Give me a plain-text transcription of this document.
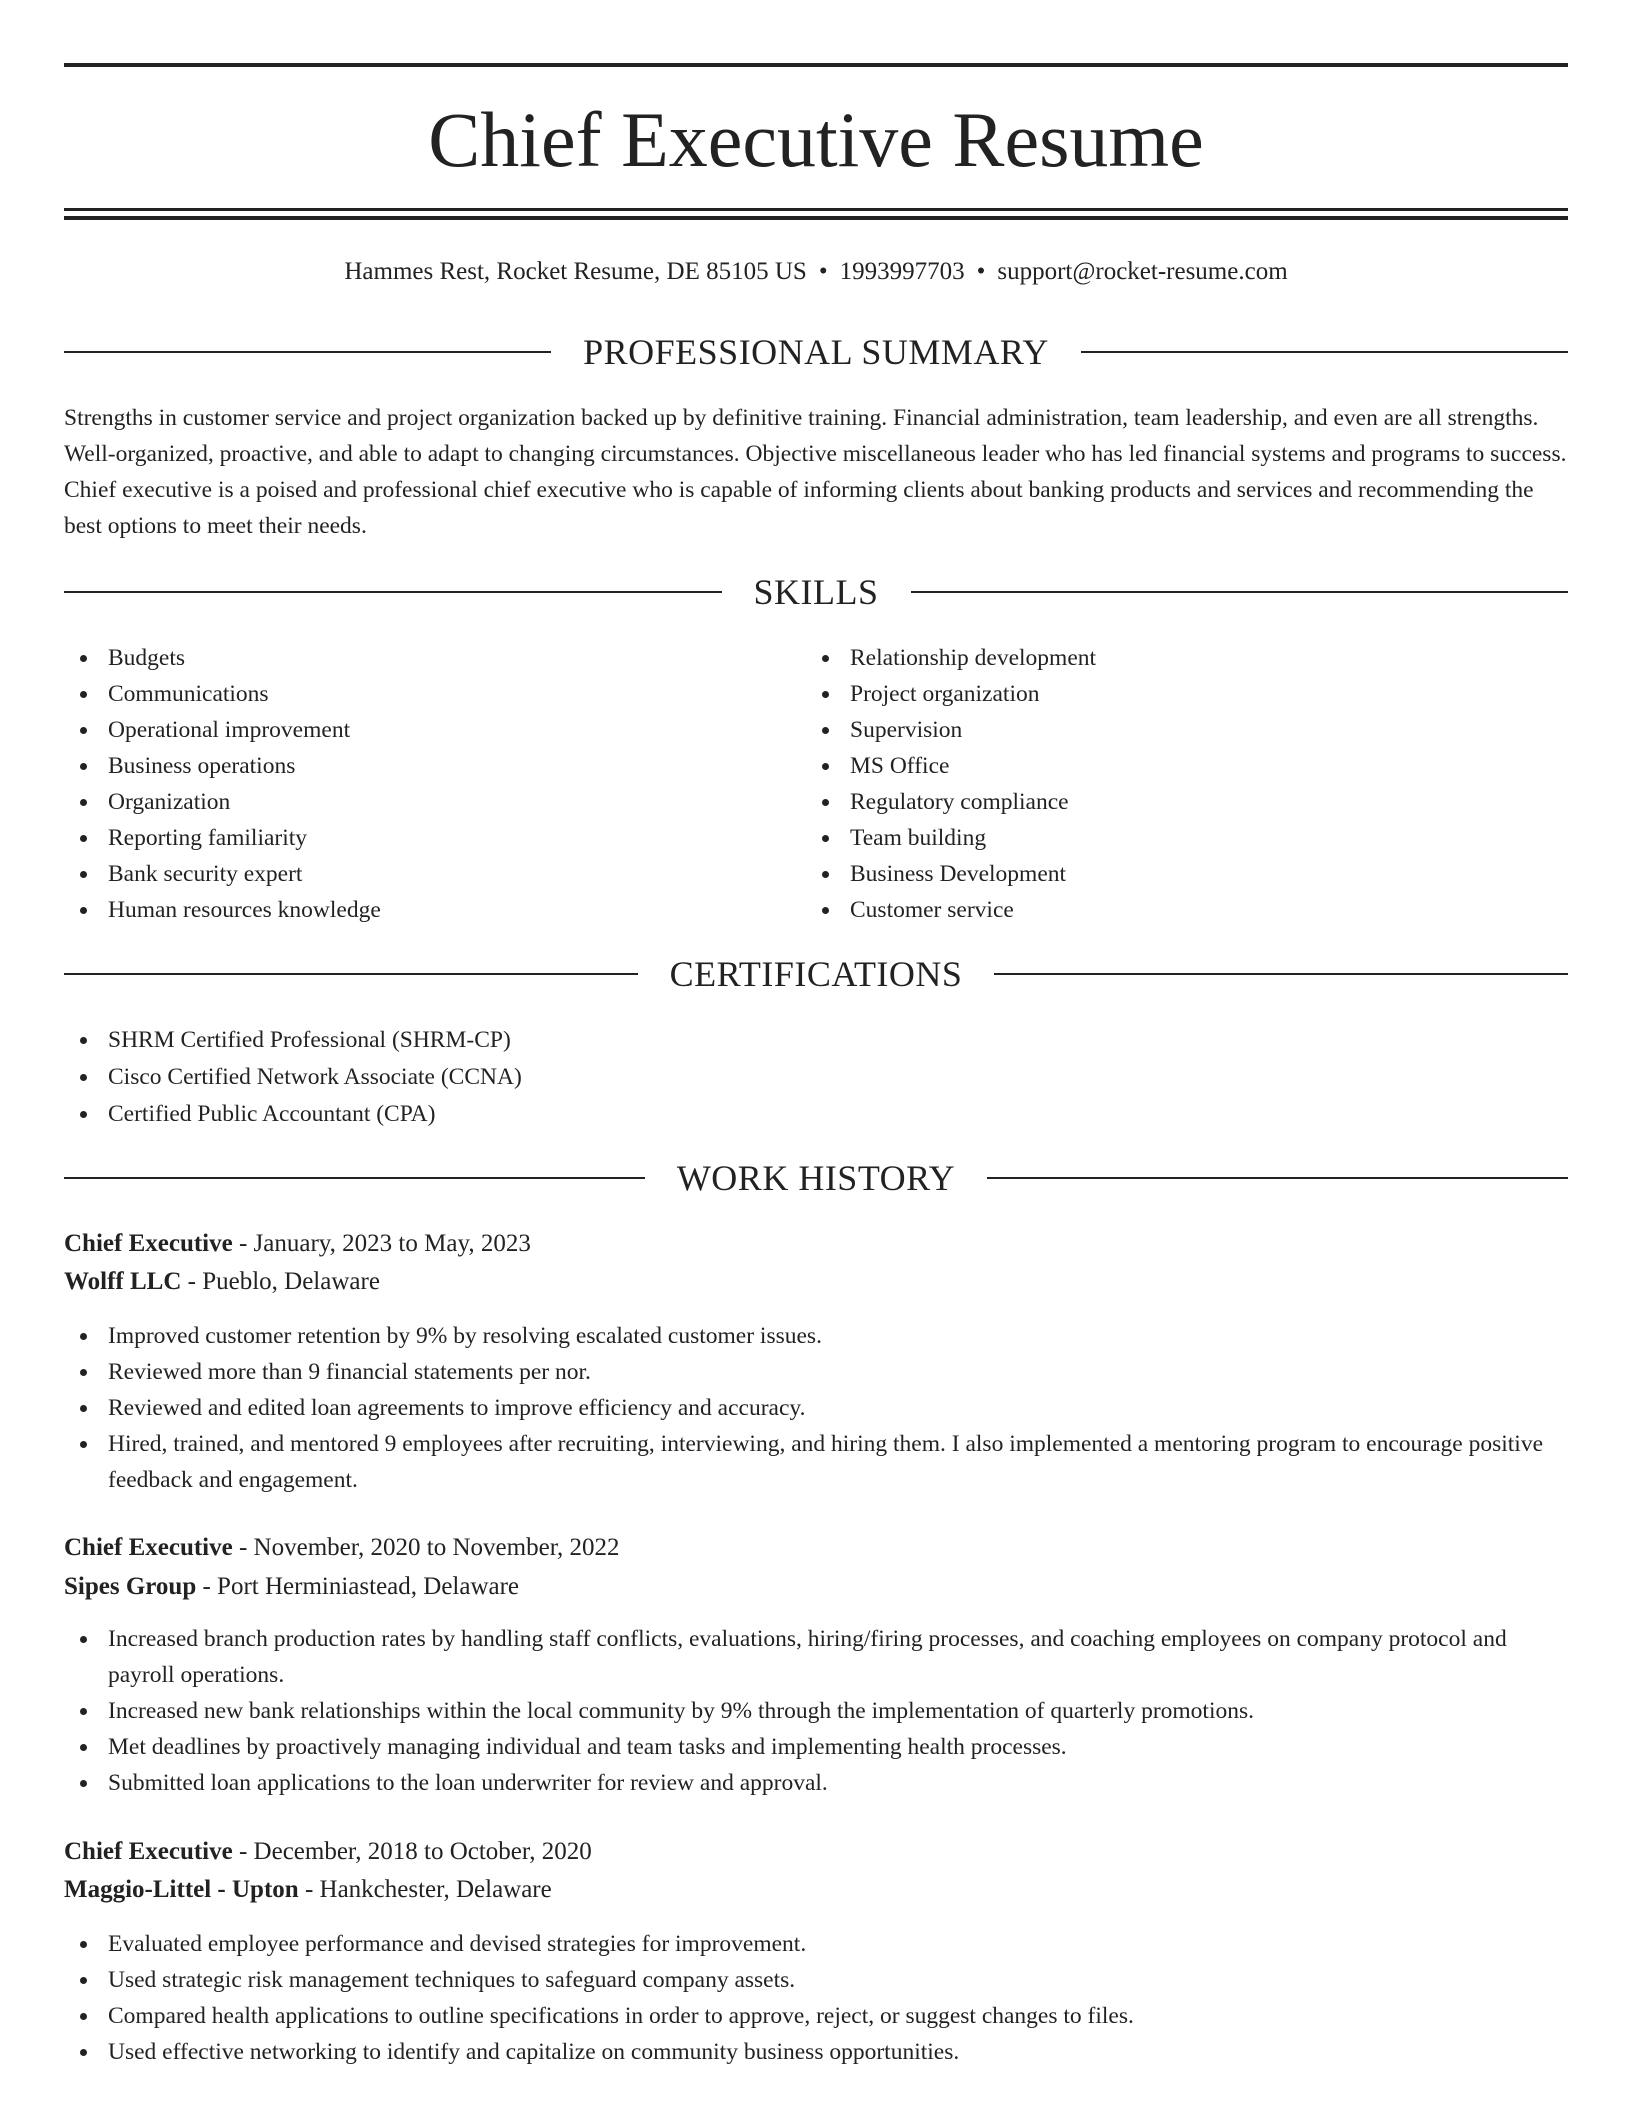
Chief Executive Resume
Hammes Rest, Rocket Resume, DE 85105 US • 1993997703 • support@rocket-resume.com
PROFESSIONAL SUMMARY

Strengths in customer service and project organization backed up by definitive training. Financial administration, team leadership, and even are all strengths. Well-organized, proactive, and able to adapt to changing circumstances. Objective miscellaneous leader who has led financial systems and programs to success. Chief executive is a poised and professional chief executive who is capable of informing clients about banking products and services and recommending the best options to meet their needs.

SKILLS
Budgets
Communications
Operational improvement
Business operations
Organization
Reporting familiarity
Bank security expert
Human resources knowledge
Relationship development
Project organization
Supervision
MS Office
Regulatory compliance
Team building
Business Development
Customer service
CERTIFICATIONS
SHRM Certified Professional (SHRM-CP)
Cisco Certified Network Associate (CCNA)
Certified Public Accountant (CPA)
WORK HISTORY
Chief Executive - January, 2023 to May, 2023
Wolff LLC - Pueblo, Delaware
Improved customer retention by 9% by resolving escalated customer issues.
Reviewed more than 9 financial statements per nor.
Reviewed and edited loan agreements to improve efficiency and accuracy.
Hired, trained, and mentored 9 employees after recruiting, interviewing, and hiring them. I also implemented a mentoring program to encourage positive feedback and engagement.
Chief Executive - November, 2020 to November, 2022
Sipes Group - Port Herminiastead, Delaware
Increased branch production rates by handling staff conflicts, evaluations, hiring/firing processes, and coaching employees on company protocol and payroll operations.
Increased new bank relationships within the local community by 9% through the implementation of quarterly promotions.
Met deadlines by proactively managing individual and team tasks and implementing health processes.
Submitted loan applications to the loan underwriter for review and approval.
Chief Executive - December, 2018 to October, 2020
Maggio-Littel - Upton - Hankchester, Delaware
Evaluated employee performance and devised strategies for improvement.
Used strategic risk management techniques to safeguard company assets.
Compared health applications to outline specifications in order to approve, reject, or suggest changes to files.
Used effective networking to identify and capitalize on community business opportunities.
